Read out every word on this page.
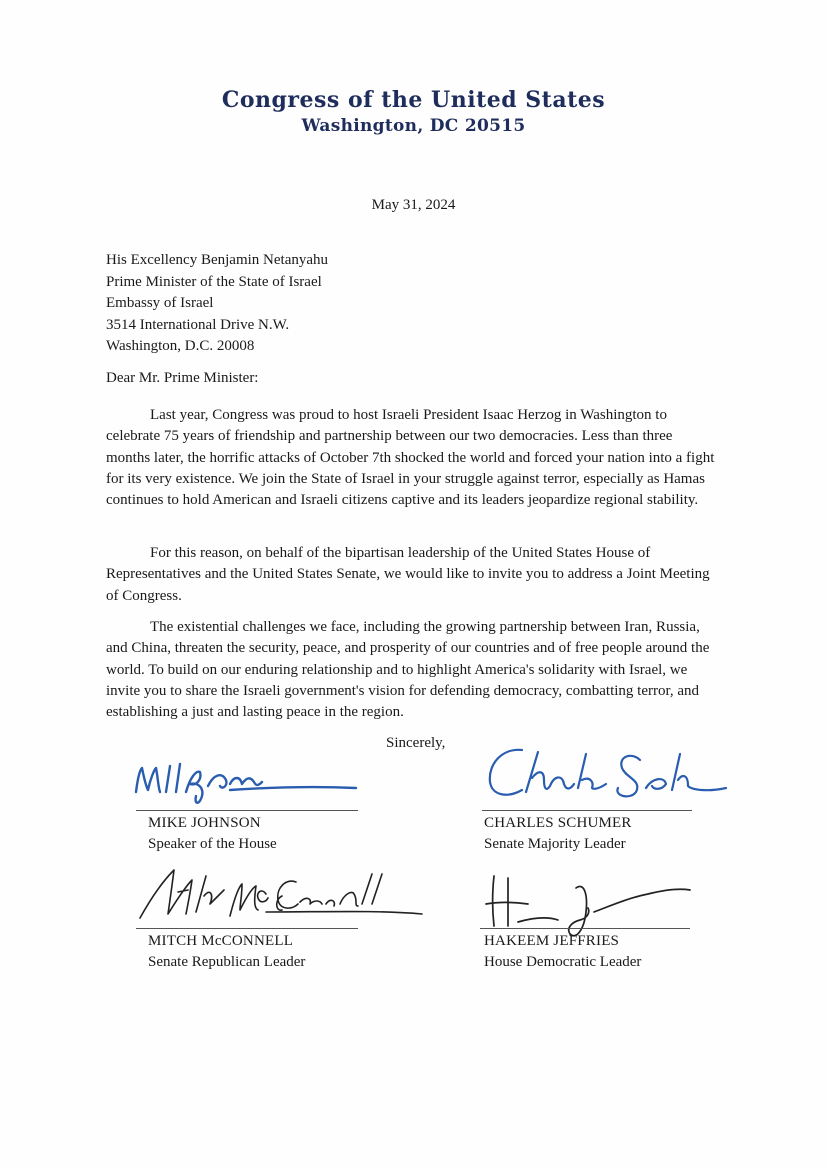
Congress of the United States
Washington, DC 20515
May 31, 2024
His Excellency Benjamin Netanyahu
Prime Minister of the State of Israel
Embassy of Israel
3514 International Drive N.W.
Washington, D.C. 20008
Dear Mr. Prime Minister:

Last year, Congress was proud to host Israeli President Isaac Herzog in Washington to celebrate 75 years of friendship and partnership between our two democracies. Less than three months later, the horrific attacks of October 7th shocked the world and forced your nation into a fight for its very existence. We join the State of Israel in your struggle against terror, especially as Hamas continues to hold American and Israeli citizens captive and its leaders jeopardize regional stability.

For this reason, on behalf of the bipartisan leadership of the United States House of Representatives and the United States Senate, we would like to invite you to address a Joint Meeting of Congress.

The existential challenges we face, including the growing partnership between Iran, Russia, and China, threaten the security, peace, and prosperity of our countries and of free people around the world. To build on our enduring relationship and to highlight America's solidarity with Israel, we invite you to share the Israeli government's vision for defending democracy, combatting terror, and establishing a just and lasting peace in the region.

Sincerely,
MIKE JOHNSON
Speaker of the House
CHARLES SCHUMER
Senate Majority Leader
MITCH McCONNELL
Senate Republican Leader
HAKEEM JEFFRIES
House Democratic Leader
